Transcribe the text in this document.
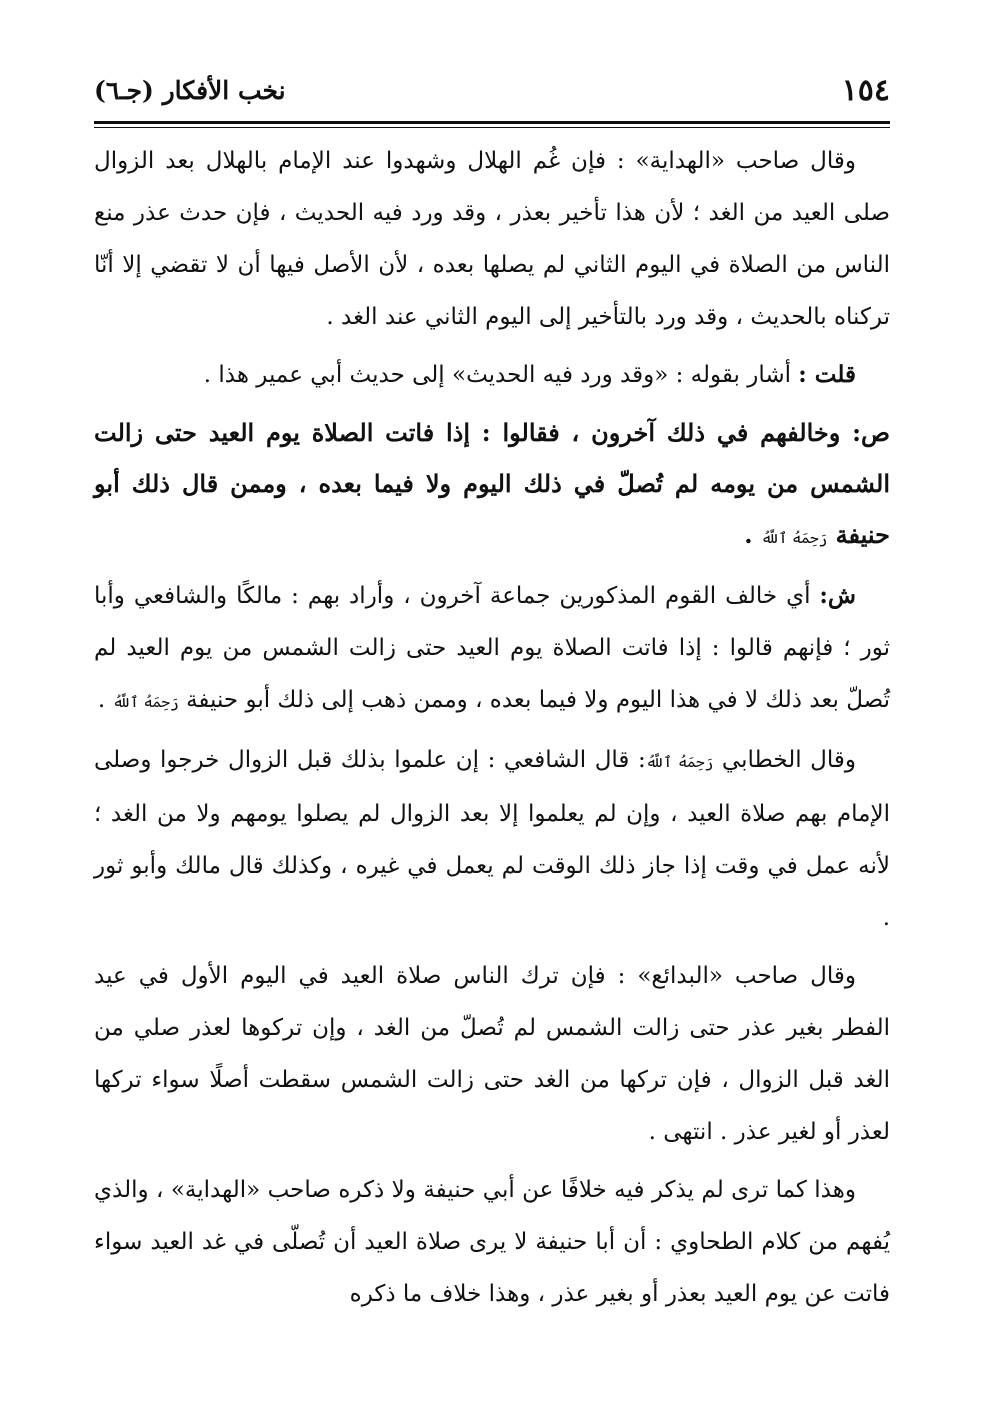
١٥٤
نخب الأفكار (جـ٦)

وقال صاحب «الهداية» : فإن غُم الهلال وشهدوا عند الإمام بالهلال بعد الزوال صلى العيد من الغد ؛ لأن هذا تأخير بعذر ، وقد ورد فيه الحديث ، فإن حدث عذر منع الناس من الصلاة في اليوم الثاني لم يصلها بعده ، لأن الأصل فيها أن لا تقضي إلا أنّا تركناه بالحديث ، وقد ورد بالتأخير إلى اليوم الثاني عند الغد .

قلت : أشار بقوله : «وقد ورد فيه الحديث» إلى حديث أبي عمير هذا .

ص: وخالفهم في ذلك آخرون ، فقالوا : إذا فاتت الصلاة يوم العيد حتى زالت الشمس من يومه لم تُصلّ في ذلك اليوم ولا فيما بعده ، وممن قال ذلك أبو حنيفة رَحِمَهُ ٱللَّهُ .

ش: أي خالف القوم المذكورين جماعة آخرون ، وأراد بهم : مالكًا والشافعي وأبا ثور ؛ فإنهم قالوا : إذا فاتت الصلاة يوم العيد حتى زالت الشمس من يوم العيد لم تُصلّ بعد ذلك لا في هذا اليوم ولا فيما بعده ، وممن ذهب إلى ذلك أبو حنيفة رَحِمَهُ ٱللَّهُ .

وقال الخطابي رَحِمَهُ ٱللَّهُ: قال الشافعي : إن علموا بذلك قبل الزوال خرجوا وصلى الإمام بهم صلاة العيد ، وإن لم يعلموا إلا بعد الزوال لم يصلوا يومهم ولا من الغد ؛ لأنه عمل في وقت إذا جاز ذلك الوقت لم يعمل في غيره ، وكذلك قال مالك وأبو ثور .

وقال صاحب «البدائع» : فإن ترك الناس صلاة العيد في اليوم الأول في عيد الفطر بغير عذر حتى زالت الشمس لم تُصلّ من الغد ، وإن تركوها لعذر صلي من الغد قبل الزوال ، فإن تركها من الغد حتى زالت الشمس سقطت أصلًا سواء تركها لعذر أو لغير عذر . انتهى .

وهذا كما ترى لم يذكر فيه خلافًا عن أبي حنيفة ولا ذكره صاحب «الهداية» ، والذي يُفهم من كلام الطحاوي : أن أبا حنيفة لا يرى صلاة العيد أن تُصلّى في غد العيد سواء فاتت عن يوم العيد بعذر أو بغير عذر ، وهذا خلاف ما ذكره
